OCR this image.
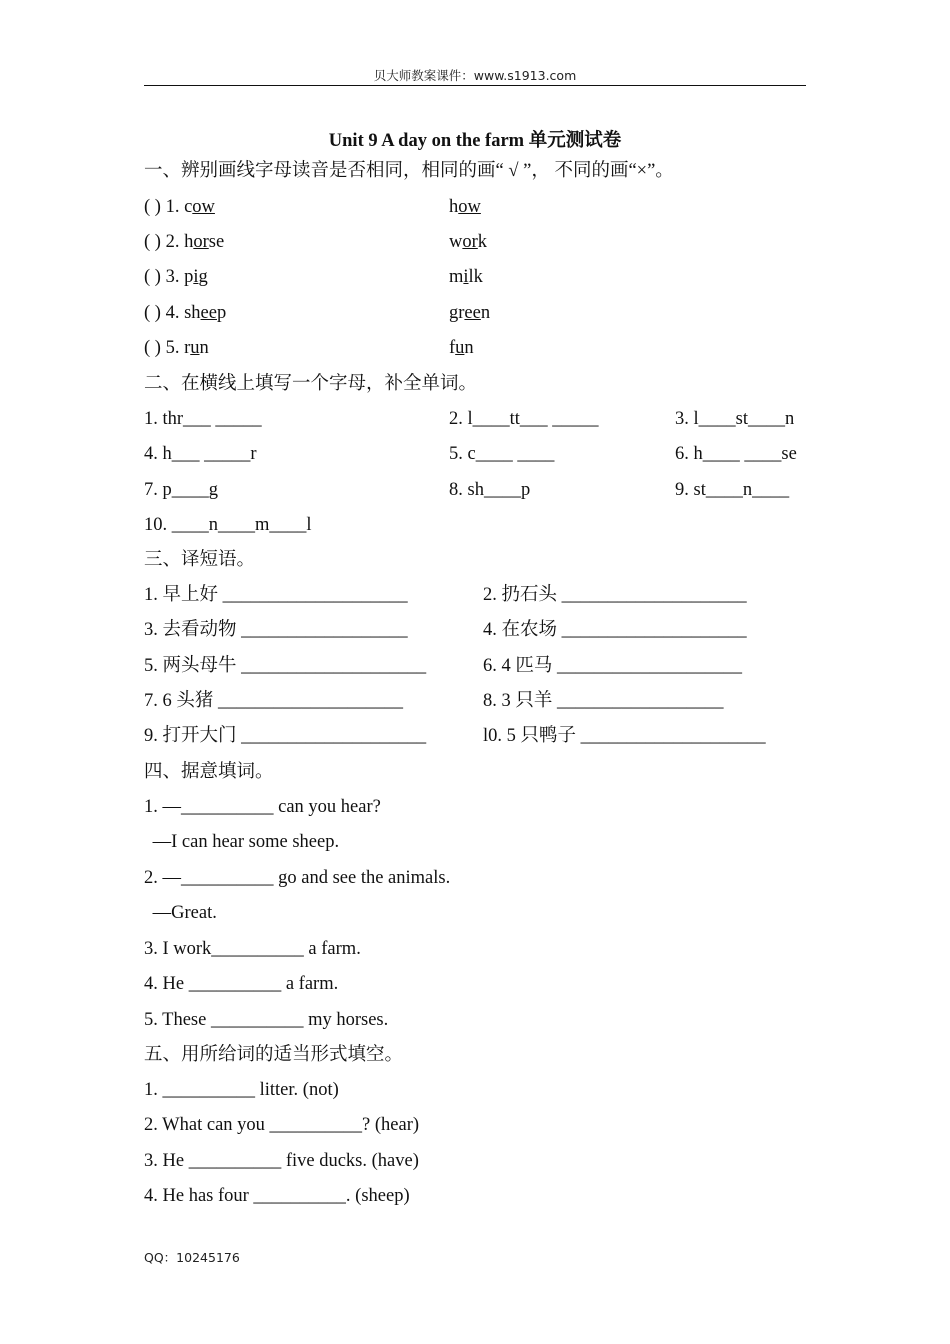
贝大师教案课件：www.s1913.com
Unit 9 A day on the farm 单元测试卷
一、辨别画线字母读音是否相同，相同的画“ √ ”， 不同的画“×”。
( ) 1. cow	how
( ) 2. horse	work
( ) 3. pig	milk
( ) 4. sheep	green
( ) 5. run	fun
二、在横线上填写一个字母，补全单词。
1. thr___ _____	2. l____tt___ _____	3. l____st____n
4. h___ _____r	5. c____ ____	6. h____ ____se
7. p____g	8. sh____p	9. st____n____
10. ____n____m____l
三、译短语。
1. 早上好 ____________________	2. 扔石头 ____________________
3. 去看动物 __________________	4. 在农场 ____________________
5. 两头母牛 ____________________	6. 4 匹马 ____________________
7. 6 头猪 ____________________	8. 3 只羊 __________________
9. 打开大门 ____________________	l0. 5 只鸭子 ____________________
四、据意填词。
1. —__________ can you hear?
—I can hear some sheep.
2. —__________ go and see the animals.
—Great.
3. I work__________ a farm.
4. He __________ a farm.
5. These __________ my horses.
五、用所给词的适当形式填空。
1. __________ litter. (not)
2. What can you __________? (hear)
3. He __________ five ducks. (have)
4. He has four __________. (sheep)
QQ：10245176
